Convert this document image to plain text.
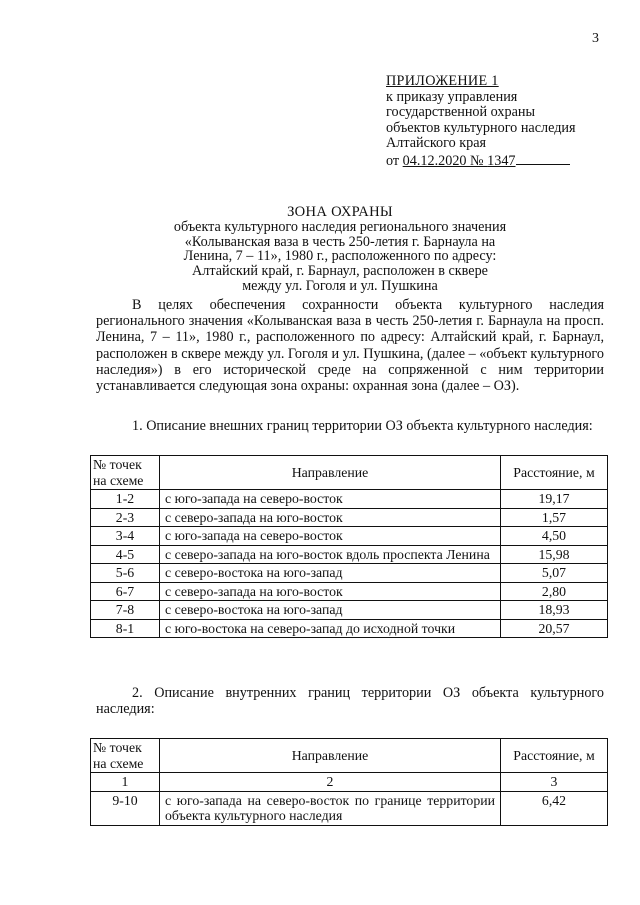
3
ПРИЛОЖЕНИЕ 1
к приказу управления
государственной охраны
объектов культурного наследия
Алтайского края
от 04.12.2020 № 1347
ЗОНА ОХРАНЫ
объекта культурного наследия регионального значения
«Колыванская ваза в честь 250-летия г. Барнаула на
Ленина, 7 – 11», 1980 г., расположенного по адресу:
Алтайский край, г. Барнаул, расположен в сквере
между ул. Гоголя и ул. Пушкина
В целях обеспечения сохранности объекта культурного наследия регионального значения «Колыванская ваза в честь 250-летия г. Барнаула на просп. Ленина, 7 – 11», 1980 г., расположенного по адресу: Алтайский край, г. Барнаул, расположен в сквере между ул. Гоголя и ул. Пушкина, (далее – «объект культурного наследия») в его исторической среде на сопряженной с ним территории устанавливается следующая зона охраны: охранная зона (далее – ОЗ).
1. Описание внешних границ территории ОЗ объекта культурного наследия:
№ точек на схеме	Направление	Расстояние, м
1-2	с юго-запада на северо-восток	19,17
2-3	с северо-запада на юго-восток	1,57
3-4	с юго-запада на северо-восток	4,50
4-5	с северо-запада на юго-восток вдоль проспекта Ленина	15,98
5-6	с северо-востока на юго-запад	5,07
6-7	с северо-запада на юго-восток	2,80
7-8	с северо-востока на юго-запад	18,93
8-1	с юго-востока на северо-запад до исходной точки	20,57
2. Описание внутренних границ территории ОЗ объекта культурного наследия:
№ точек на схеме	Направление	Расстояние, м
1	2	3
9-10	с юго-запада на северо-восток по границе территории объекта культурного наследия	6,42
